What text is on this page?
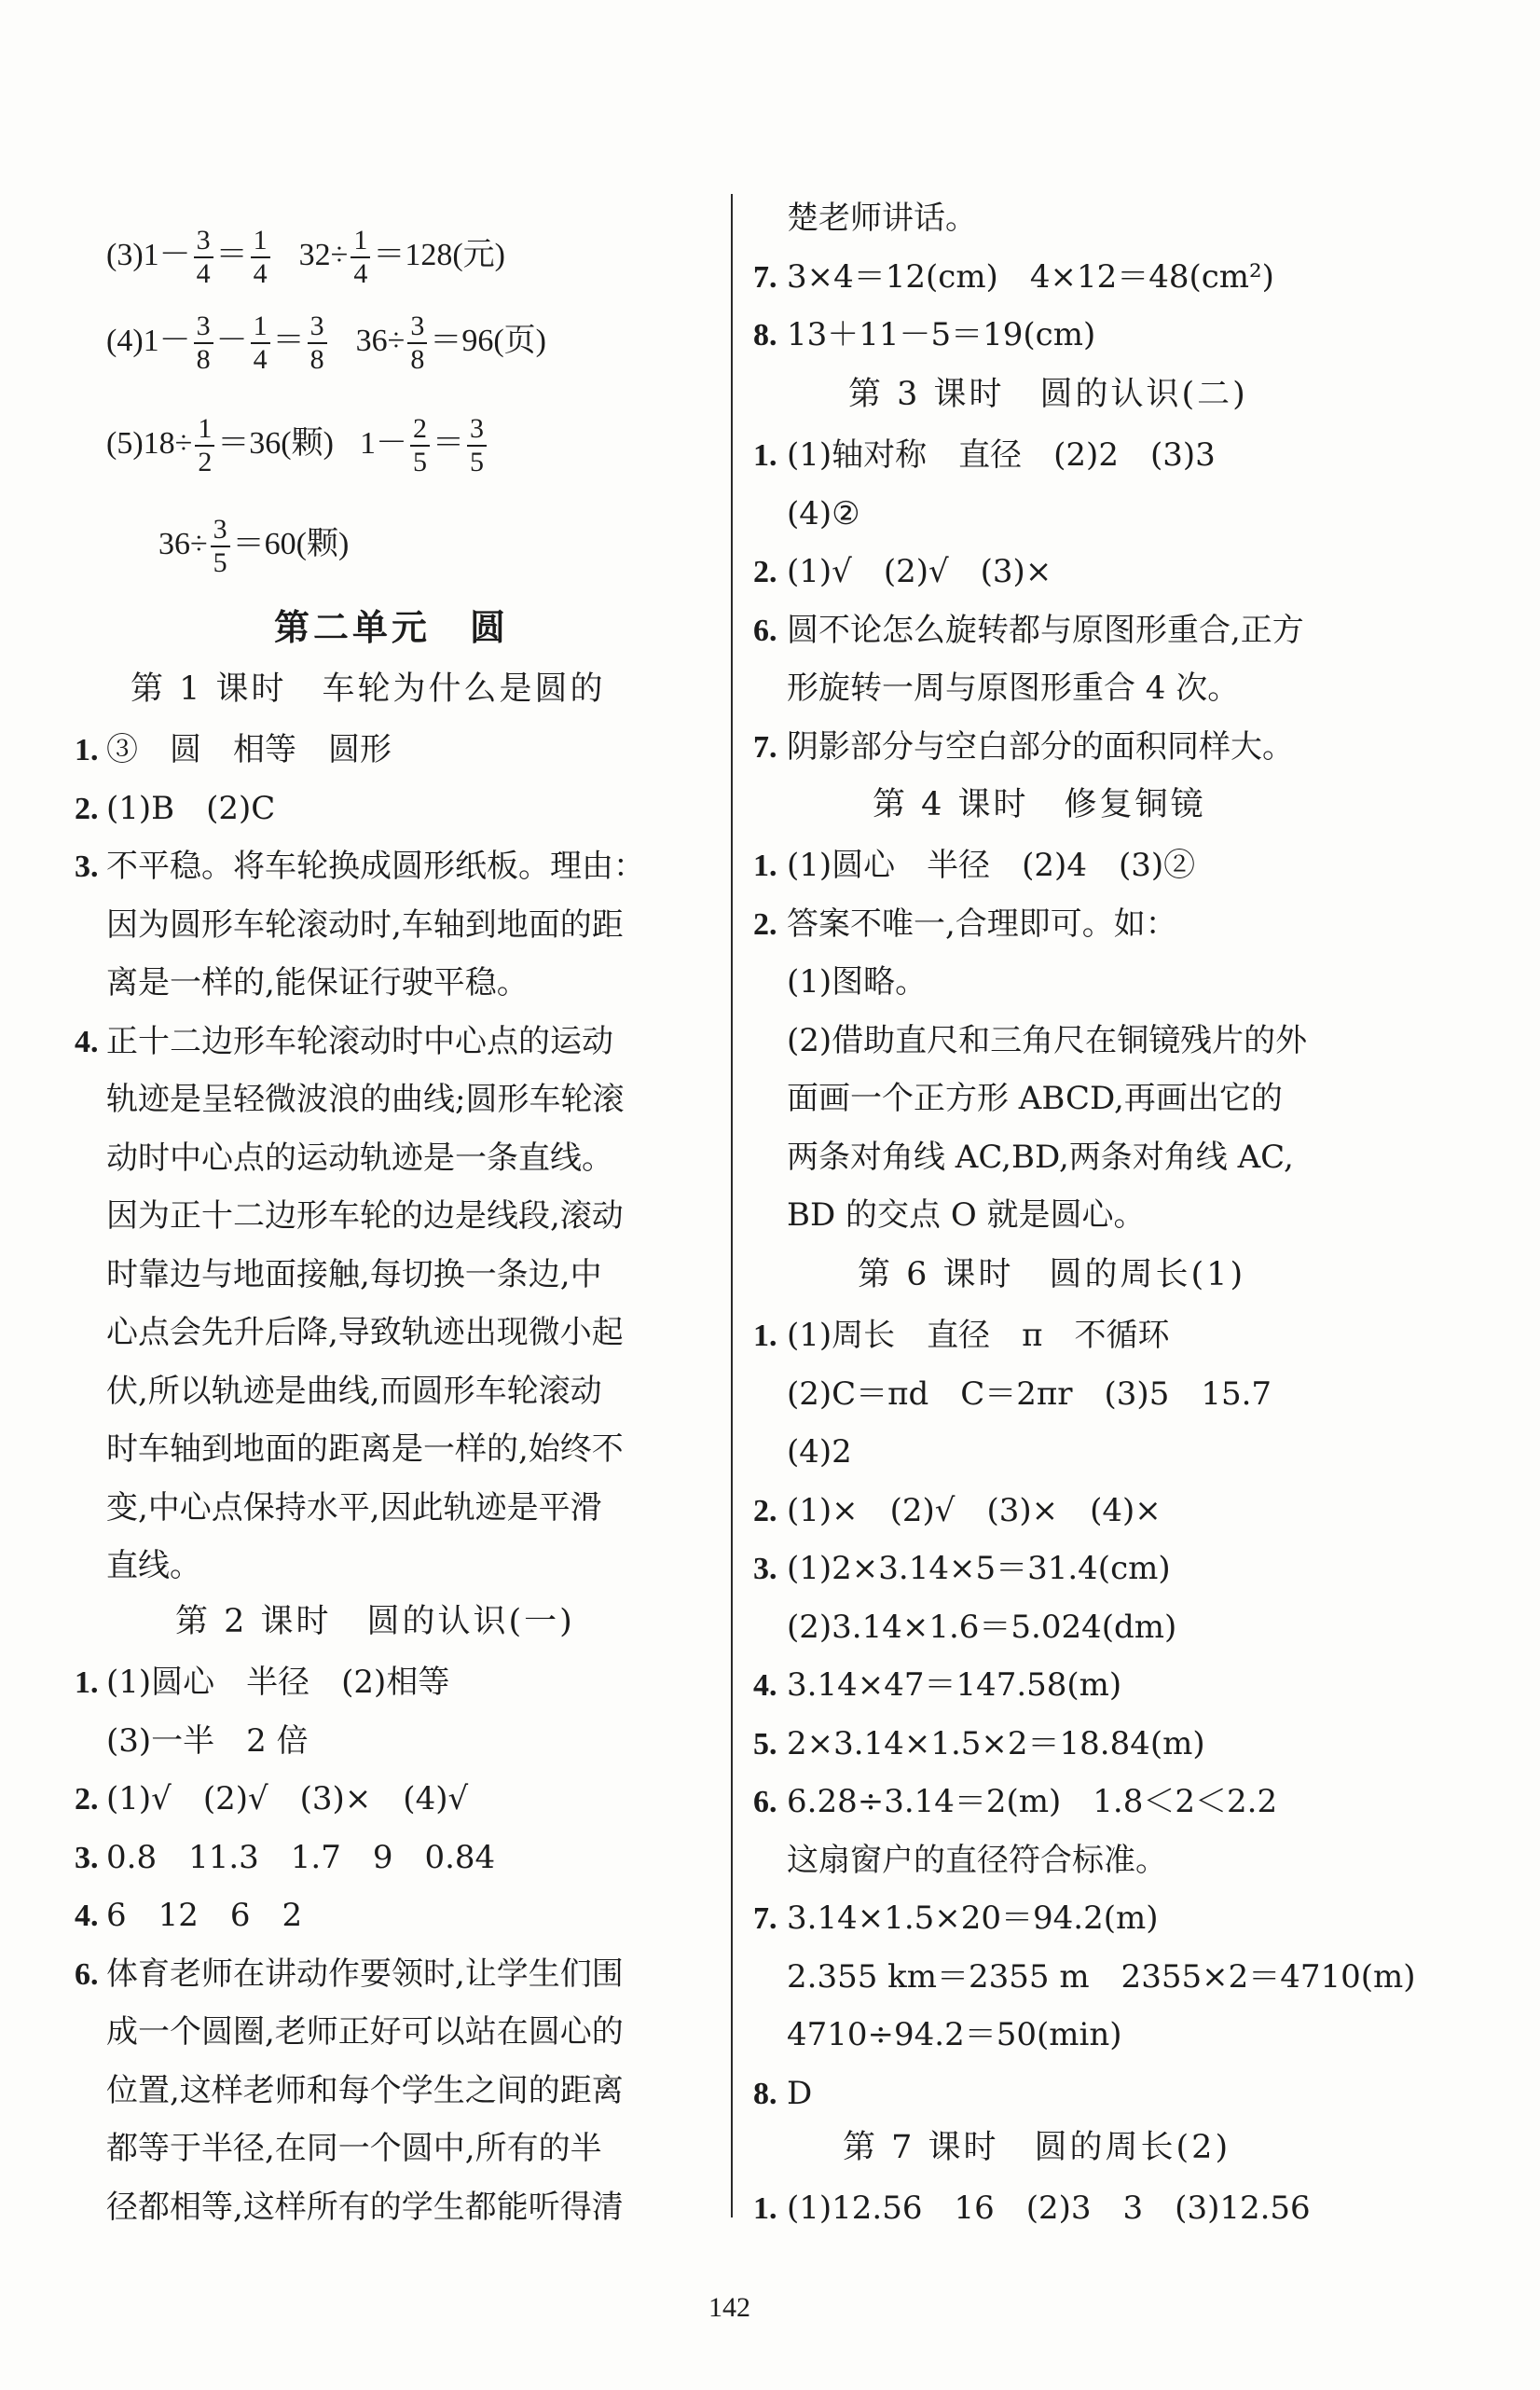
$(3)1- \frac{3}{4} = \frac{1}{4} 32\div \frac{1}{4} =128$(元)
$(4)1- \frac{3}{8} - \frac{1}{4} = \frac{3}{8} 36\div \frac{3}{8} =96$(页)
$(5)18\div \frac{1}{2} =36$(颗) $1- \frac{2}{5} = \frac{3}{5}$
$36\div \frac{3}{5} =60$(颗)
第二单元　圆
第 1 课时　车轮为什么是圆的
1. ③　圆　相等　圆形
2. (1)B　(2)C
3. 不平稳。将车轮换成圆形纸板。理由：
因为圆形车轮滚动时,车轴到地面的距
离是一样的,能保证行驶平稳。
4. 正十二边形车轮滚动时中心点的运动
轨迹是呈轻微波浪的曲线;圆形车轮滚
动时中心点的运动轨迹是一条直线。
因为正十二边形车轮的边是线段,滚动
时靠边与地面接触,每切换一条边,中
心点会先升后降,导致轨迹出现微小起
伏,所以轨迹是曲线,而圆形车轮滚动
时车轴到地面的距离是一样的,始终不
变,中心点保持水平,因此轨迹是平滑
直线。
第 2 课时　圆的认识(一)
1. (1)圆心　半径　(2)相等
(3)一半　2 倍
2. (1)√　(2)√　(3)×　(4)√
3. 0.8　11.3　1.7　9　0.84
4. 6　12　6　2
6. 体育老师在讲动作要领时,让学生们围
成一个圆圈,老师正好可以站在圆心的
位置,这样老师和每个学生之间的距离
都等于半径,在同一个圆中,所有的半
径都相等,这样所有的学生都能听得清
楚老师讲话。
7. 3×4＝12(cm)　4×12＝48(cm²)
8. 13＋11－5＝19(cm)
第 3 课时　圆的认识(二)
1. (1)轴对称　直径　(2)2　(3)3
(4)②
2. (1)√　(2)√　(3)×
6. 圆不论怎么旋转都与原图形重合,正方
形旋转一周与原图形重合 4 次。
7. 阴影部分与空白部分的面积同样大。
第 4 课时　修复铜镜
1. (1)圆心　半径　(2)4　(3)②
2. 答案不唯一,合理即可。如：
(1)图略。
(2)借助直尺和三角尺在铜镜残片的外
面画一个正方形 ABCD,再画出它的
两条对角线 AC,BD,两条对角线 AC,
BD 的交点 O 就是圆心。
第 6 课时　圆的周长(1)
1. (1)周长　直径　π　不循环
(2)C＝πd　C＝2πr　(3)5　15.7
(4)2
2. (1)×　(2)√　(3)×　(4)×
3. (1)2×3.14×5＝31.4(cm)
(2)3.14×1.6＝5.024(dm)
4. 3.14×47＝147.58(m)
5. 2×3.14×1.5×2＝18.84(m)
6. 6.28÷3.14＝2(m)　1.8＜2＜2.2
这扇窗户的直径符合标准。
7. 3.14×1.5×20＝94.2(m)
2.355 km＝2355 m　2355×2＝4710(m)
4710÷94.2＝50(min)
8. D
第 7 课时　圆的周长(2)
1. (1)12.56　16　(2)3　3　(3)12.56
142
